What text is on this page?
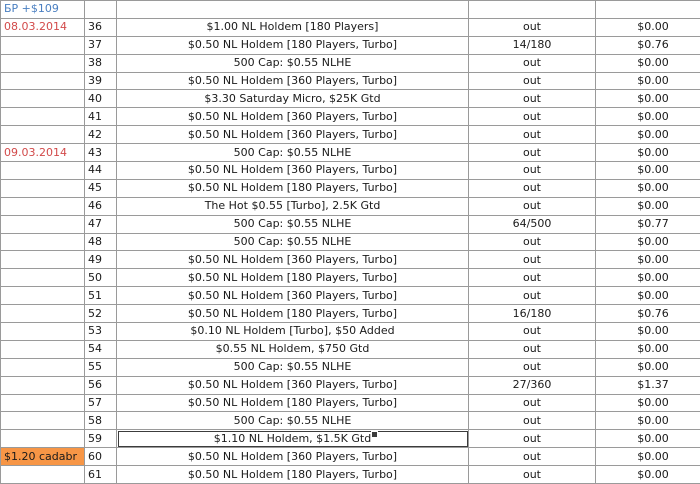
БР +$109				
08.03.2014	36	$1.00 NL Holdem [180 Players]	out	$0.00
	37	$0.50 NL Holdem [180 Players, Turbo]	14/180	$0.76
	38	500 Cap: $0.55 NLHE	out	$0.00
	39	$0.50 NL Holdem [360 Players, Turbo]	out	$0.00
	40	$3.30 Saturday Micro, $25K Gtd	out	$0.00
	41	$0.50 NL Holdem [360 Players, Turbo]	out	$0.00
	42	$0.50 NL Holdem [360 Players, Turbo]	out	$0.00
09.03.2014	43	500 Cap: $0.55 NLHE	out	$0.00
	44	$0.50 NL Holdem [360 Players, Turbo]	out	$0.00
	45	$0.50 NL Holdem [180 Players, Turbo]	out	$0.00
	46	The Hot $0.55 [Turbo], 2.5K Gtd	out	$0.00
	47	500 Cap: $0.55 NLHE	64/500	$0.77
	48	500 Cap: $0.55 NLHE	out	$0.00
	49	$0.50 NL Holdem [360 Players, Turbo]	out	$0.00
	50	$0.50 NL Holdem [180 Players, Turbo]	out	$0.00
	51	$0.50 NL Holdem [360 Players, Turbo]	out	$0.00
	52	$0.50 NL Holdem [180 Players, Turbo]	16/180	$0.76
	53	$0.10 NL Holdem [Turbo], $50 Added	out	$0.00
	54	$0.55 NL Holdem, $750 Gtd	out	$0.00
	55	500 Cap: $0.55 NLHE	out	$0.00
	56	$0.50 NL Holdem [360 Players, Turbo]	27/360	$1.37
	57	$0.50 NL Holdem [180 Players, Turbo]	out	$0.00
	58	500 Cap: $0.55 NLHE	out	$0.00
	59	$1.10 NL Holdem, $1.5K Gtd	out	$0.00
$1.20 cadabr	60	$0.50 NL Holdem [360 Players, Turbo]	out	$0.00
	61	$0.50 NL Holdem [180 Players, Turbo]	out	$0.00
